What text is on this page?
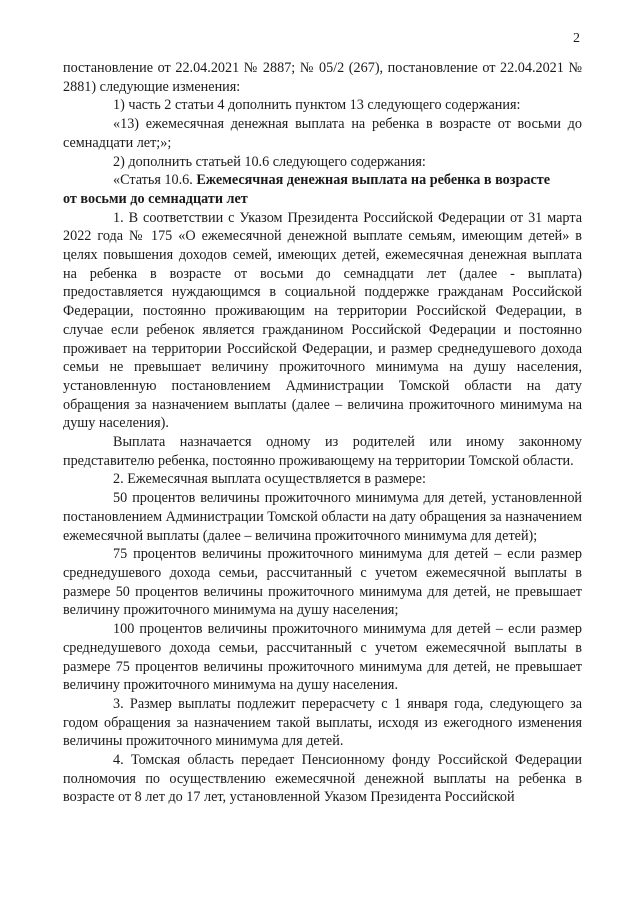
2

постановление от 22.04.2021 № 2887; № 05/2 (267), постановление от 22.04.2021 № 2881) следующие изменения:

1) часть 2 статьи 4 дополнить пунктом 13 следующего содержания:

«13) ежемесячная денежная выплата на ребенка в возрасте от восьми до семнадцати лет;»;

2) дополнить статьей 10.6 следующего содержания:

«Статья 10.6. Ежемесячная денежная выплата на ребенка в возрасте

от восьми до семнадцати лет

1. В соответствии с Указом Президента Российской Федерации от 31 марта 2022 года № 175 «О ежемесячной денежной выплате семьям, имеющим детей» в целях повышения доходов семей, имеющих детей, ежемесячная денежная выплата на ребенка в возрасте от восьми до семнадцати лет (далее - выплата) предоставляется нуждающимся в социальной поддержке гражданам Российской Федерации, постоянно проживающим на территории Российской Федерации, в случае если ребенок является гражданином Российской Федерации и постоянно проживает на территории Российской Федерации, и размер среднедушевого дохода семьи не превышает величину прожиточного минимума на душу населения, установленную постановлением Администрации Томской области на дату обращения за назначением выплаты (далее – величина прожиточного минимума на душу населения).

Выплата назначается одному из родителей или иному законному представителю ребенка, постоянно проживающему на территории Томской области.

2. Ежемесячная выплата осуществляется в размере:

50 процентов величины прожиточного минимума для детей, установленной постановлением Администрации Томской области на дату обращения за назначением ежемесячной выплаты (далее – величина прожиточного минимума для детей);

75 процентов величины прожиточного минимума для детей – если размер среднедушевого дохода семьи, рассчитанный с учетом ежемесячной выплаты в размере 50 процентов величины прожиточного минимума для детей, не превышает величину прожиточного минимума на душу населения;

100 процентов величины прожиточного минимума для детей – если размер среднедушевого дохода семьи, рассчитанный с учетом ежемесячной выплаты в размере 75 процентов величины прожиточного минимума для детей, не превышает величину прожиточного минимума на душу населения.

3. Размер выплаты подлежит перерасчету с 1 января года, следующего за годом обращения за назначением такой выплаты, исходя из ежегодного изменения величины прожиточного минимума для детей.

4. Томская область передает Пенсионному фонду Российской Федерации полномочия по осуществлению ежемесячной денежной выплаты на ребенка в возрасте от 8 лет до 17 лет, установленной Указом Президента Российской
